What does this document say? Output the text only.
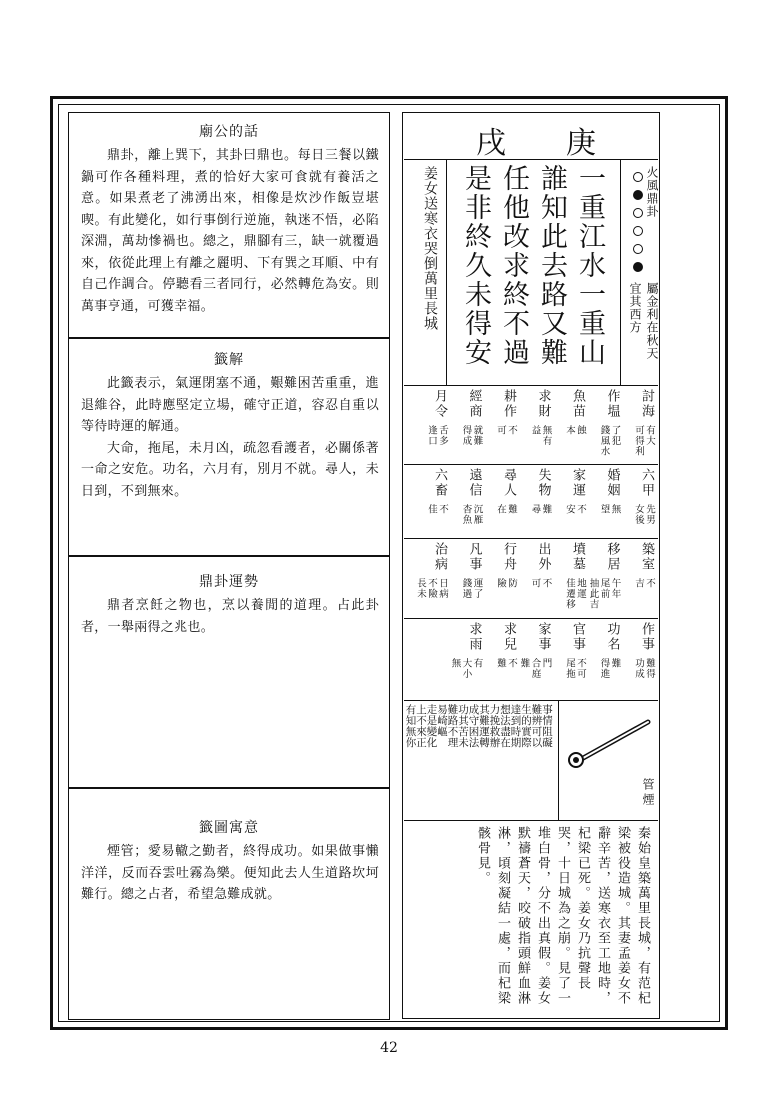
廟公的話

鼎卦，離上巽下，其卦曰鼎也。每日三餐以鐵鍋可作各種料理，煮的恰好大家可食就有養活之意。如果煮老了沸湧出來，相像是炊沙作飯豈堪喫。有此變化，如行事倒行逆施，執迷不悟，必陷深淵，萬劫慘禍也。總之，鼎腳有三，缺一就覆過來，依從此理上有離之麗明、下有巽之耳順、中有自己作調合。停聽看三者同行，必然轉危為安。則萬事亨通，可獲幸福。

籤解

此籤表示，氣運閉塞不通，艱難困苦重重，進退維谷，此時應堅定立場，確守正道，容忍自重以等待時運的解通。

大命，拖尾，未月凶，疏忽看護者，必關係著一命之安危。功名，六月有，別月不就。尋人，未日到，不到無來。

鼎卦運勢

鼎者烹飪之物也，烹以養閒的道理。占此卦者，一舉兩得之兆也。

籤圖寓意

煙管；愛易轍之勤者，終得成功。如果做事懶洋洋，反而吞雲吐霧為樂。便知此去人生道路坎坷難行。總之占者，希望急難成就。

戌 庚
火風鼎卦
屬金利在秋天
宜其西方
一重江水一重山
誰知此去路又難
任他改求終不過
是非終久未得安
姜女送寒衣哭倒萬里長城
討海
有大
可得利
作塭
了犯
錢風水
魚苗
蝕
本
求財
無有
益
耕作
不
可
經商
就難
得成
月令
舌多
逢口
六甲
先男
女後
婚姻
無
望
家運
不
安
失物
難
尋
尋人
難
在
遠信
沉雁
杳魚
六畜
不
佳
築室
不
吉
移居
午年
尾前
抽此吉
墳墓
地運
佳遷移
出外
不
可
行舟
防
險
凡事
運了
錢過
治病
日病
不險
長未
作事
難得
功成
功名
難
得進
官事
不可
尾拖
家事
門
合庭
難
求兒
不
難
求雨
有
大小
無
事情阻礙
難辨可以
生的實際
達到時期
想法盡在
力挽救辦
其難運轉
成守困法
功其苦未
難路不理
易崎嶇
走是變化
上不來正
有知無你
管煙
秦始皇築萬里長城，有范杞梁被役造城。其妻孟姜女不辭辛苦，送寒衣至工地時，杞梁已死。姜女乃抗聲長哭，十日城為之崩。見了一堆白骨，分不出真假。姜女默禱蒼天，咬破指頭鮮血淋淋，頃刻凝結一處，而杞梁骸骨見。
42
